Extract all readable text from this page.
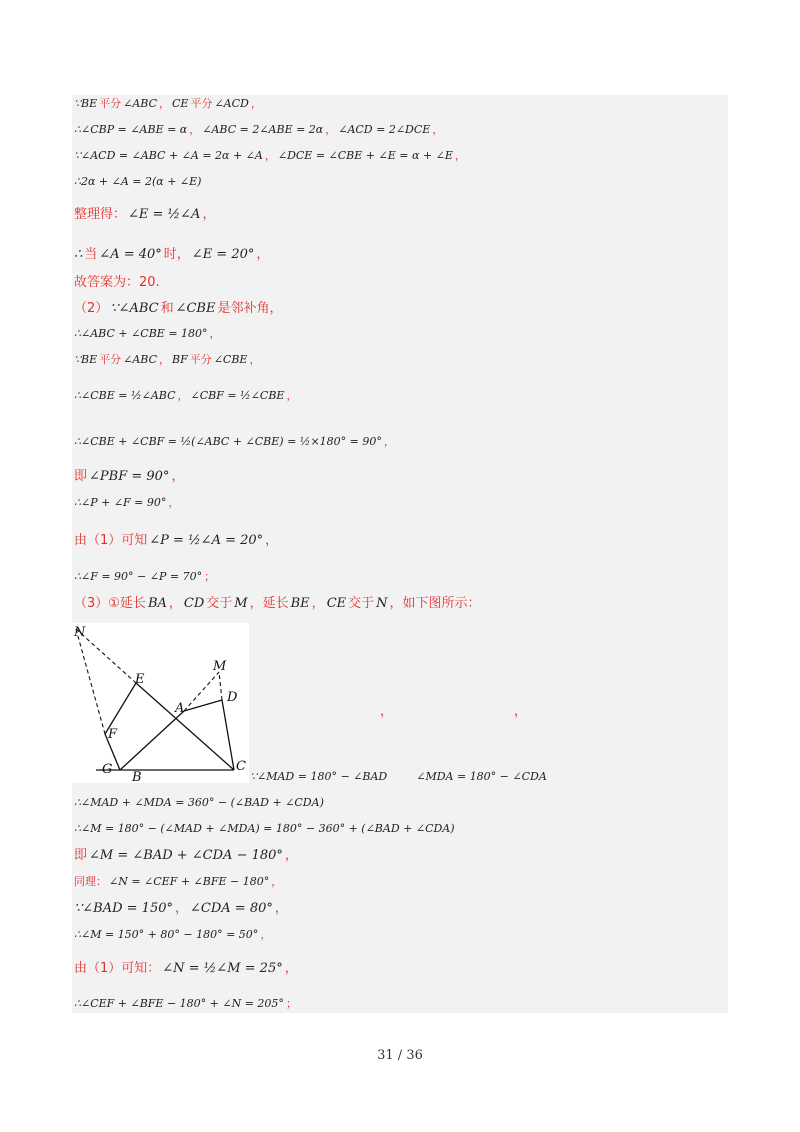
∵BE 平分 ∠ABC ， CE 平分 ∠ACD ，
∴∠CBP = ∠ABE = α ， ∠ABC = 2∠ABE = 2α ， ∠ACD = 2∠DCE ，
∵∠ACD = ∠ABC + ∠A = 2α + ∠A ， ∠DCE = ∠CBE + ∠E = α + ∠E ，
∴2α + ∠A = 2(α + ∠E)
整理得： ∠E = ½∠A ，
∴ 当 ∠A = 40° 时， ∠E = 20° ，
故答案为：20.
（2） ∵∠ABC 和 ∠CBE 是邻补角，
∴∠ABC + ∠CBE = 180° ，
∵BE 平分 ∠ABC ， BF 平分 ∠CBE ，
∴∠CBE = ½∠ABC ， ∠CBF = ½∠CBE ，
∴∠CBE + ∠CBF = ½(∠ABC + ∠CBE) = ½×180° = 90° ，
即 ∠PBF = 90° ，
∴∠P + ∠F = 90° ，
由（1）可知 ∠P = ½∠A = 20° ，
∴∠F = 90° − ∠P = 70° ；
（3）①延长 BA ， CD 交于 M ，延长 BE ， CE 交于 N ，如下图所示：
∴∠MAD + ∠MDA = 360° − (∠BAD + ∠CDA)
∴∠M = 180° − (∠MAD + ∠MDA) = 180° − 360° + (∠BAD + ∠CDA)
即 ∠M = ∠BAD + ∠CDA − 180° ，
同理： ∠N = ∠CEF + ∠BFE − 180° ，
∵∠BAD = 150° ， ∠CDA = 80° ，
∴∠M = 150° + 80° − 180° = 50° ，
由（1）可知： ∠N = ½∠M = 25° ，
∴∠CEF + ∠BFE − 180° + ∠N = 205° ；
N
M
E
A
D
F
G
B
C
∵∠MAD = 180° − ∠BAD	∠MDA = 180° − ∠CDA
，	，
31 / 36
